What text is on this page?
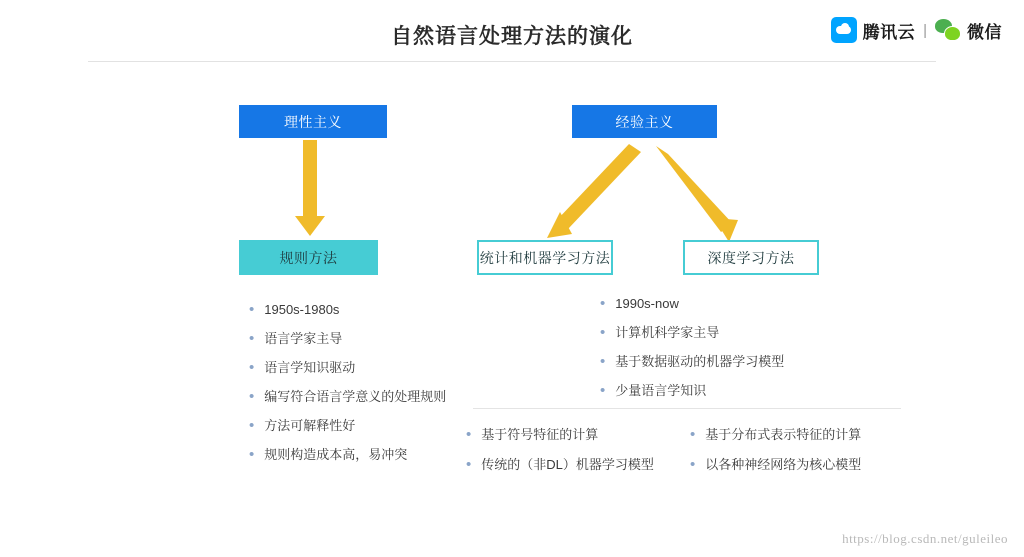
自然语言处理方法的演化	腾讯云 | 微信
理性主义	经验主义
规则方法	统计和机器学习方法	深度学习方法
• 1950s-1980s
• 语言学家主导
• 语言学知识驱动
• 编写符合语言学意义的处理规则
• 方法可解释性好
• 规则构造成本高，易冲突
• 1990s-now
• 计算机科学家主导
• 基于数据驱动的机器学习模型
• 少量语言学知识
• 基于符号特征的计算
• 传统的（非DL）机器学习模型
• 基于分布式表示特征的计算
• 以各种神经网络为核心模型
https://blog.csdn.net/guleileo
